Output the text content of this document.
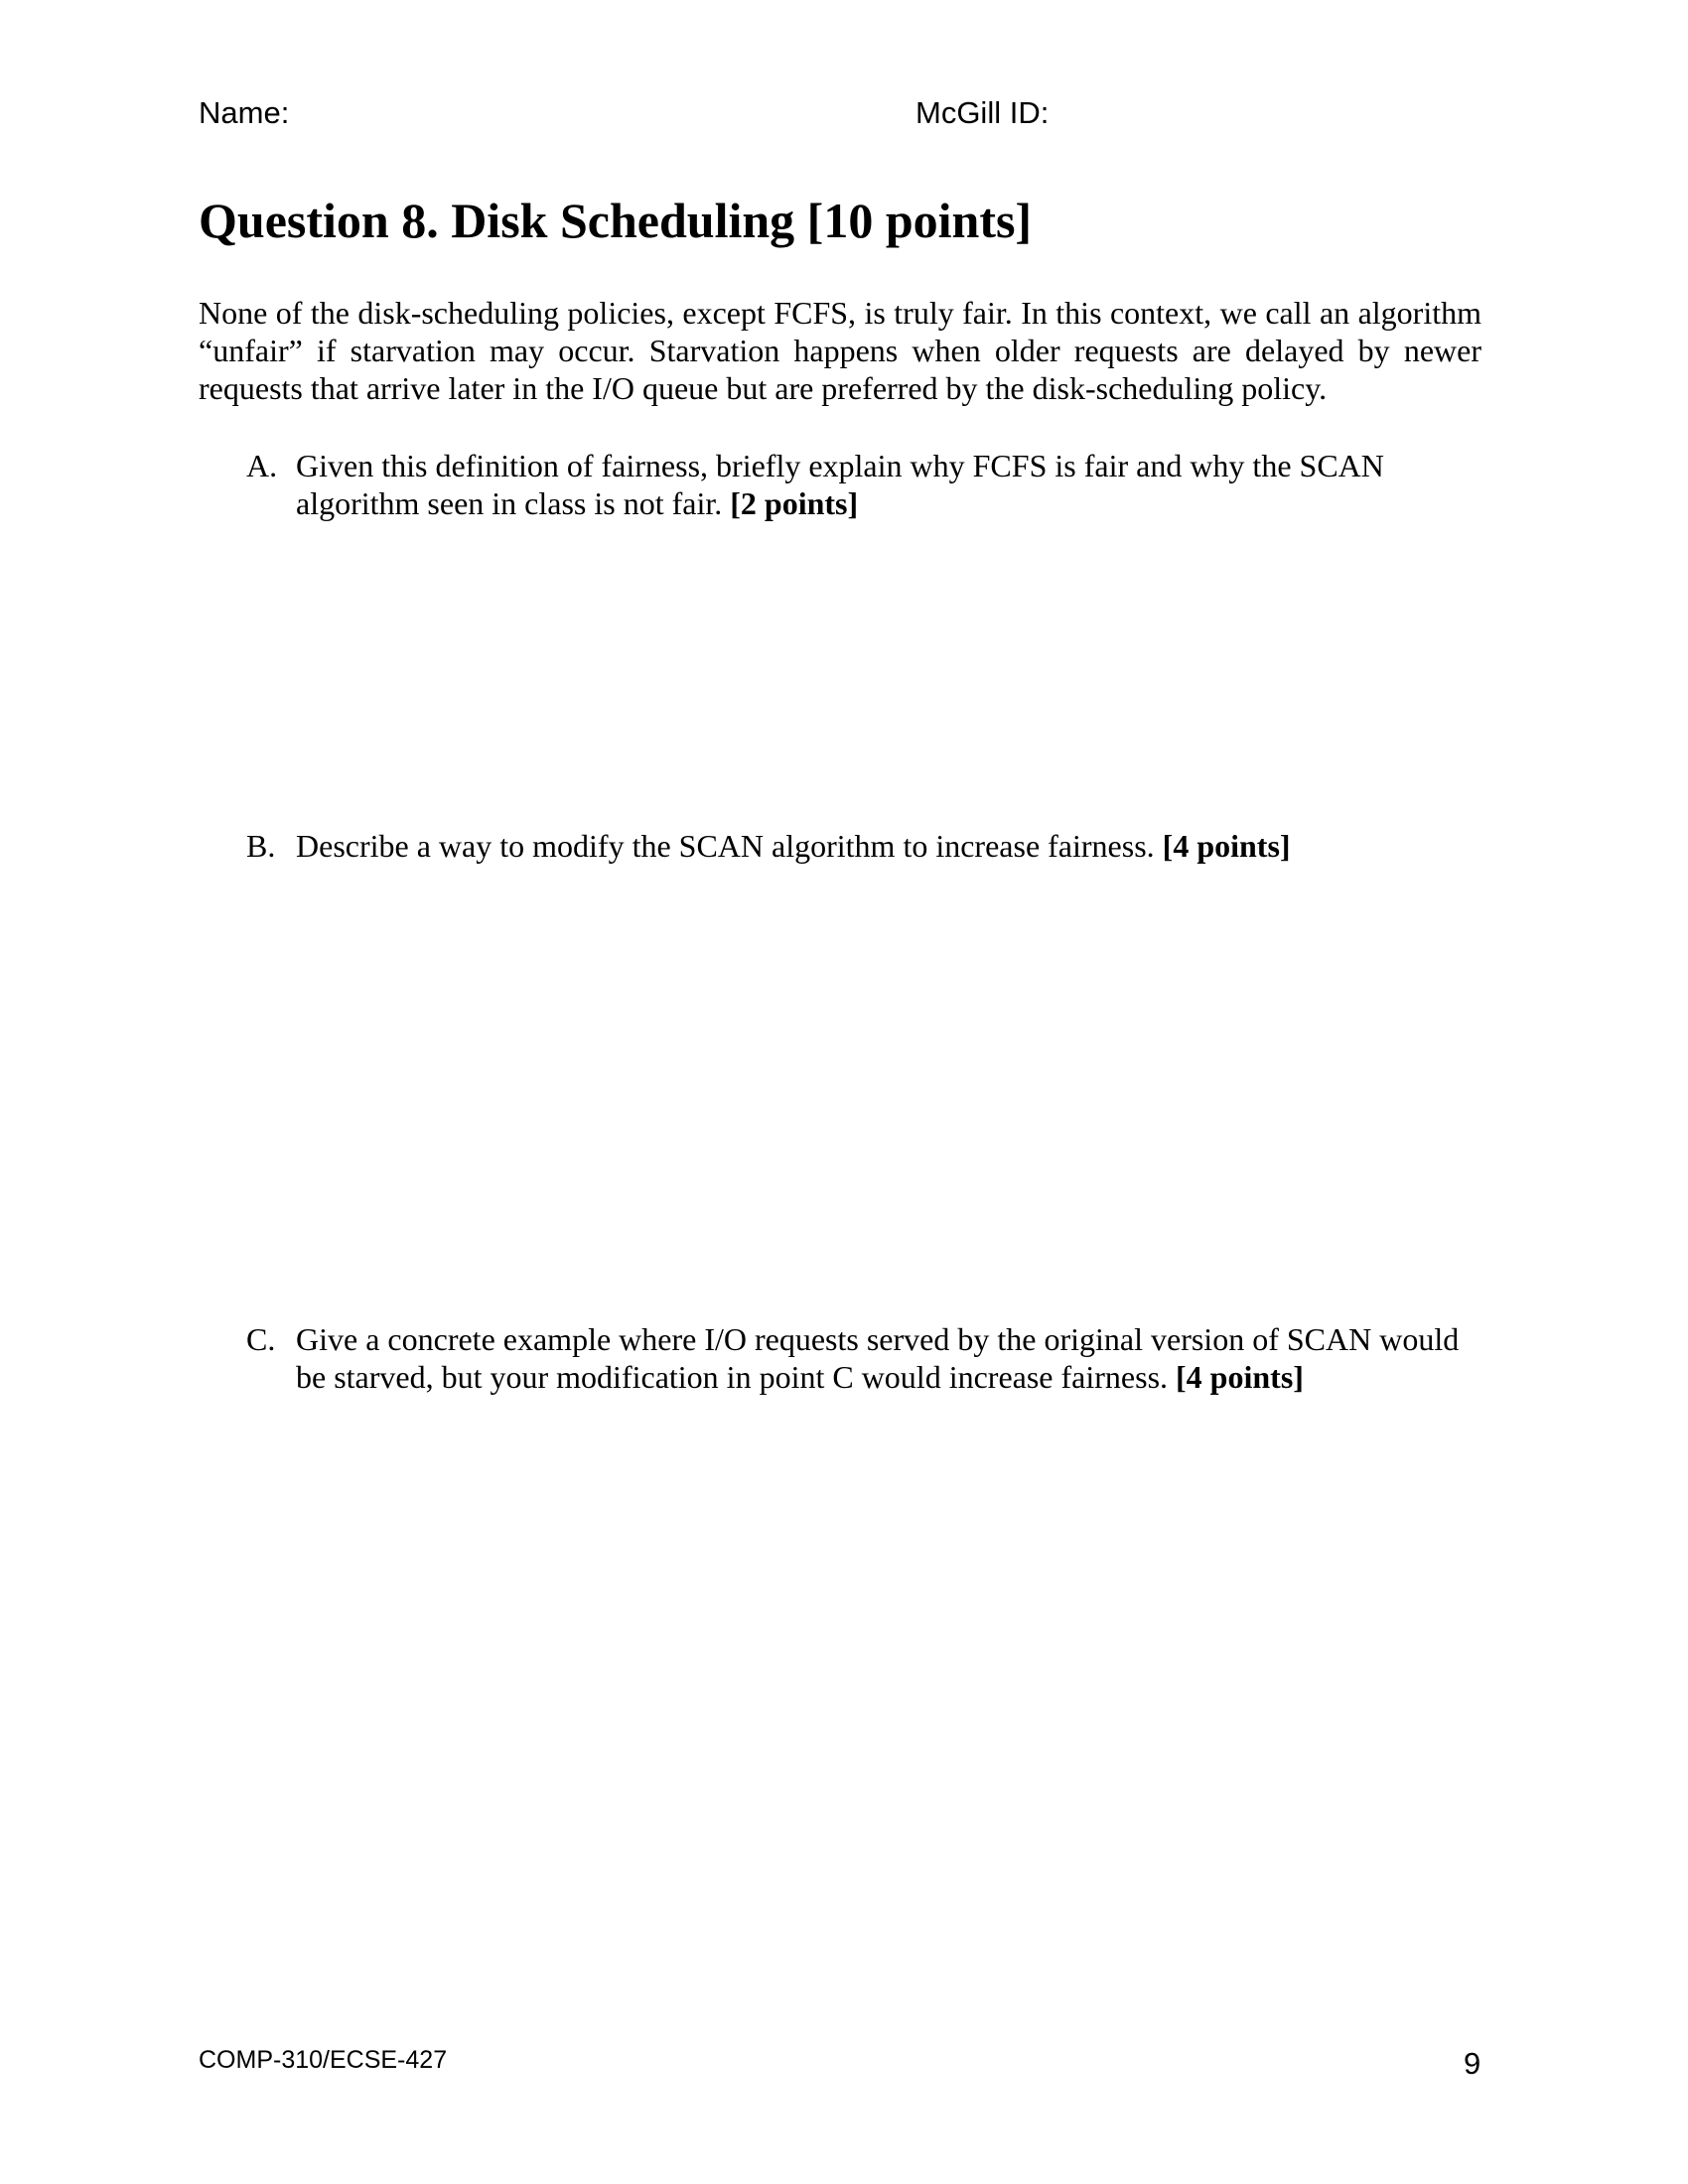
Name:	McGill ID:
Question 8. Disk Scheduling [10 points]

None of the disk-scheduling policies, except FCFS, is truly fair. In this context, we call an algorithm “unfair” if starvation may occur. Starvation happens when older requests are delayed by newer requests that arrive later in the I/O queue but are preferred by the disk-scheduling policy.

A. Given this definition of fairness, briefly explain why FCFS is fair and why the SCAN algorithm seen in class is not fair. [2 points]
B. Describe a way to modify the SCAN algorithm to increase fairness. [4 points]
C. Give a concrete example where I/O requests served by the original version of SCAN would be starved, but your modification in point C would increase fairness. [4 points]
COMP-310/ECSE-427	9
